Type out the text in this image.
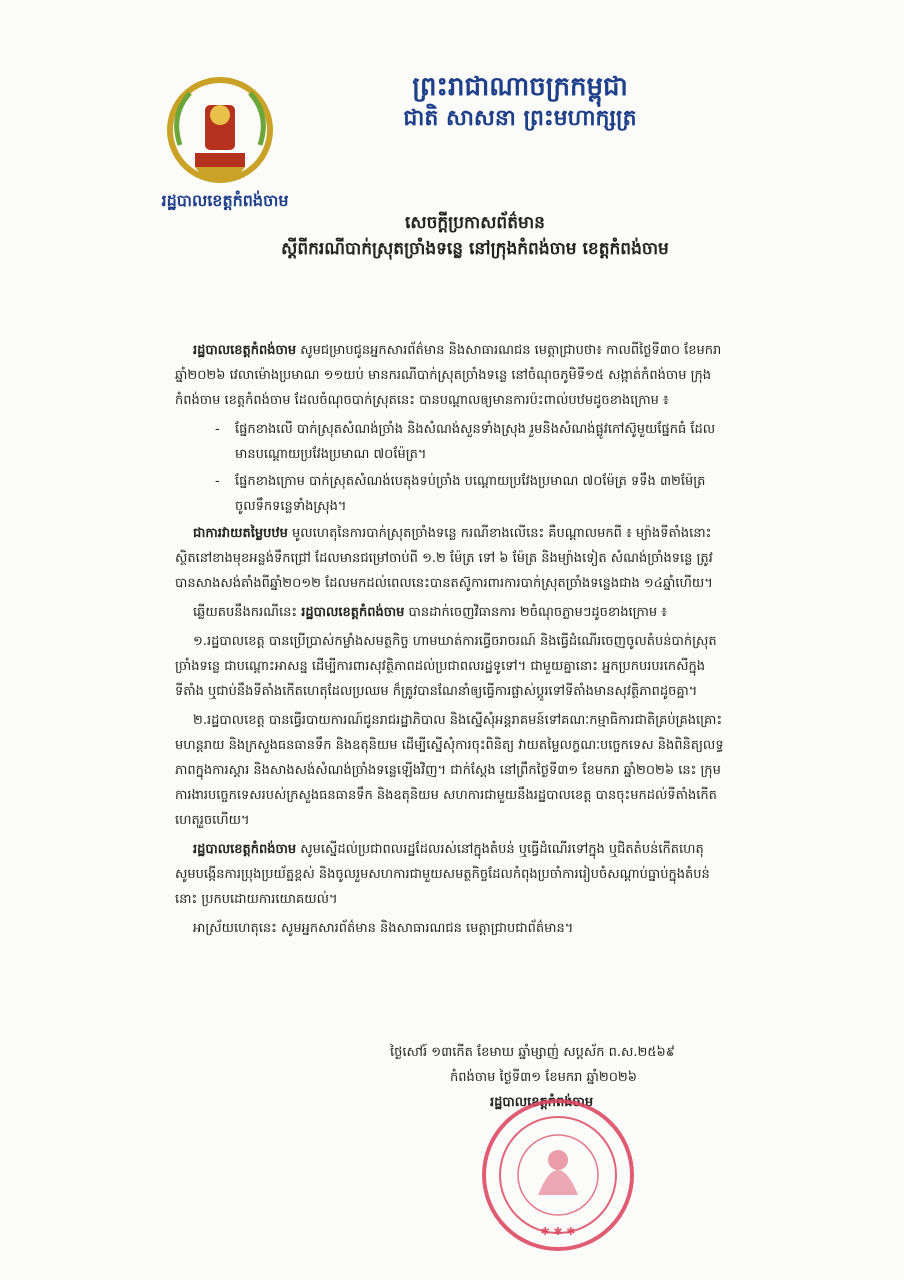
ព្រះរាជាណាចក្រកម្ពុជា
ជាតិ សាសនា ព្រះមហាក្សត្រ
រដ្ឋបាលខេត្តកំពង់ចាម
សេចក្តីប្រកាសព័ត៌មាន
ស្តីពីករណីបាក់ស្រុតច្រាំងទន្លេ នៅក្រុងកំពង់ចាម ខេត្តកំពង់ចាម

រដ្ឋបាលខេត្តកំពង់ចាម សូមជម្រាបជូនអ្នកសារព័ត៌មាន និងសាធារណជន មេត្តាជ្រាបថា៖ កាលពីថ្ងៃទី៣០ ខែមករា ឆ្នាំ២០២៦ វេលាម៉ោងប្រមាណ ១១យប់ មានករណីបាក់ស្រុតច្រាំងទន្លេ នៅចំណុចភូមិទី១៥ សង្កាត់កំពង់ចាម ក្រុងកំពង់ចាម ខេត្តកំពង់ចាម ដែលចំណុចបាក់ស្រុតនេះ បានបណ្តាលឲ្យមានការប៉ះពាល់បឋមដូចខាងក្រោម ៖

- ផ្នែកខាងលើ បាក់ស្រុតសំណង់ច្រាំង និងសំណង់សួនទាំងស្រុង រួមនិងសំណង់ផ្លូវកៅស៊ូមួយផ្នែកធំ ដែលមានបណ្តោយប្រវែងប្រមាណ ៧០ម៉ែត្រ។
- ផ្នែកខាងក្រោម បាក់ស្រុតសំណង់បេតុងទប់ច្រាំង បណ្តោយប្រវែងប្រមាណ ៧០ម៉ែត្រ ទទឹង ៣២ម៉ែត្រ ចូលទឹកទន្លេទាំងស្រុង។

ជាការវាយតម្លៃបឋម មូលហេតុនៃការបាក់ស្រុតច្រាំងទន្លេ ករណីខាងលើនេះ គឺបណ្តាលមកពី ៖ ម្យ៉ាងទីតាំងនោះ ស្ថិតនៅខាងមុខអន្លង់ទឹកជ្រៅ ដែលមានជម្រៅចាប់ពី ១.២ ម៉ែត្រ ទៅ ៦ ម៉ែត្រ និងម្យ៉ាងទៀត សំណង់ច្រាំងទន្លេ ត្រូវបានសាងសង់តាំងពីឆ្នាំ២០១២ ដែលមកដល់ពេលនេះបានតស៊ូការពារការបាក់ស្រុតច្រាំងទន្លេងជាង ១៤ឆ្នាំហើយ។

ឆ្លើយតបនឹងករណីនេះ រដ្ឋបាលខេត្តកំពង់ចាម បានដាក់ចេញវិធានការ ២ចំណុចភ្លាមៗដូចខាងក្រោម ៖

១.រដ្ឋបាលខេត្ត បានប្រើប្រាស់កម្លាំងសមត្ថកិច្ច ហាមឃាត់ការធ្វើចរាចរណ៍ និងធ្វើដំណើរចេញចូលតំបន់បាក់ស្រុតច្រាំងទន្លេ ជាបណ្តោះអាសន្ន ដើម្បីការពារសុវត្ថិភាពដល់ប្រជាពលរដ្ឋទូទៅ។ ជាមួយគ្នានោះ អ្នកប្រកបរបរកេសីក្នុងទីតាំង ឬជាប់នឹងទីតាំងកើតហេតុដែលប្រឈម ក៏ត្រូវបានណែនាំឲ្យធ្វើការផ្លាស់ប្តូរទៅទីតាំងមានសុវត្ថិភាពដូចគ្នា។

២.រដ្ឋបាលខេត្ត បានធ្វើរបាយការណ៍ជូនរាជរដ្ឋាភិបាល និងស្នើសុំអន្តរាគមន៍ទៅគណៈកម្មាធិការជាតិគ្រប់គ្រងគ្រោះមហន្តរាយ និងក្រសួងធនធានទឹក និងឧតុនិយម ដើម្បីស្នើសុំការចុះពិនិត្យ វាយតម្លៃលក្ខណៈបច្ចេកទេស និងពិនិត្យលទ្ធភាពក្នុងការស្តារ និងសាងសង់សំណង់ច្រាំងទន្លេឡើងវិញ។ ជាក់ស្តែង នៅព្រឹកថ្ងៃទី៣១ ខែមករា ឆ្នាំ២០២៦ នេះ ក្រុមការងារបច្ចេកទេសរបស់ក្រសួងធនធានទឹក និងឧតុនិយម សហការជាមួយនឹងរដ្ឋបាលខេត្ត បានចុះមកដល់ទីតាំងកើតហេតុរួចហើយ។

រដ្ឋបាលខេត្តកំពង់ចាម សូមស្នើដល់ប្រជាពលរដ្ឋដែលរស់នៅក្នុងតំបន់ ឬធ្វើដំណើរទៅក្នុង ឬជិតតំបន់កើតហេតុ សូមបង្កើនការប្រុងប្រយ័ត្នខ្ពស់ និងចូលរួមសហការជាមួយសមត្ថកិច្ចដែលកំពុងប្រចាំការរៀបចំសណ្តាប់ធ្នាប់ក្នុងតំបន់នោះ ប្រកបដោយការយោគយល់។

អាស្រ័យហេតុនេះ សូមអ្នកសារព័ត៌មាន និងសាធារណជន មេត្តាជ្រាបជាព័ត៌មាន។

ថ្ងៃសៅរ៍ ១៣កើត ខែមាឃ ឆ្នាំម្សាញ់ សប្តស័ក ព.ស.២៥៦៩
កំពង់ចាម ថ្ងៃទី៣១ ខែមករា ឆ្នាំ២០២៦
រដ្ឋបាលខេត្តកំពង់ចាម
✱ ✱ ✱
